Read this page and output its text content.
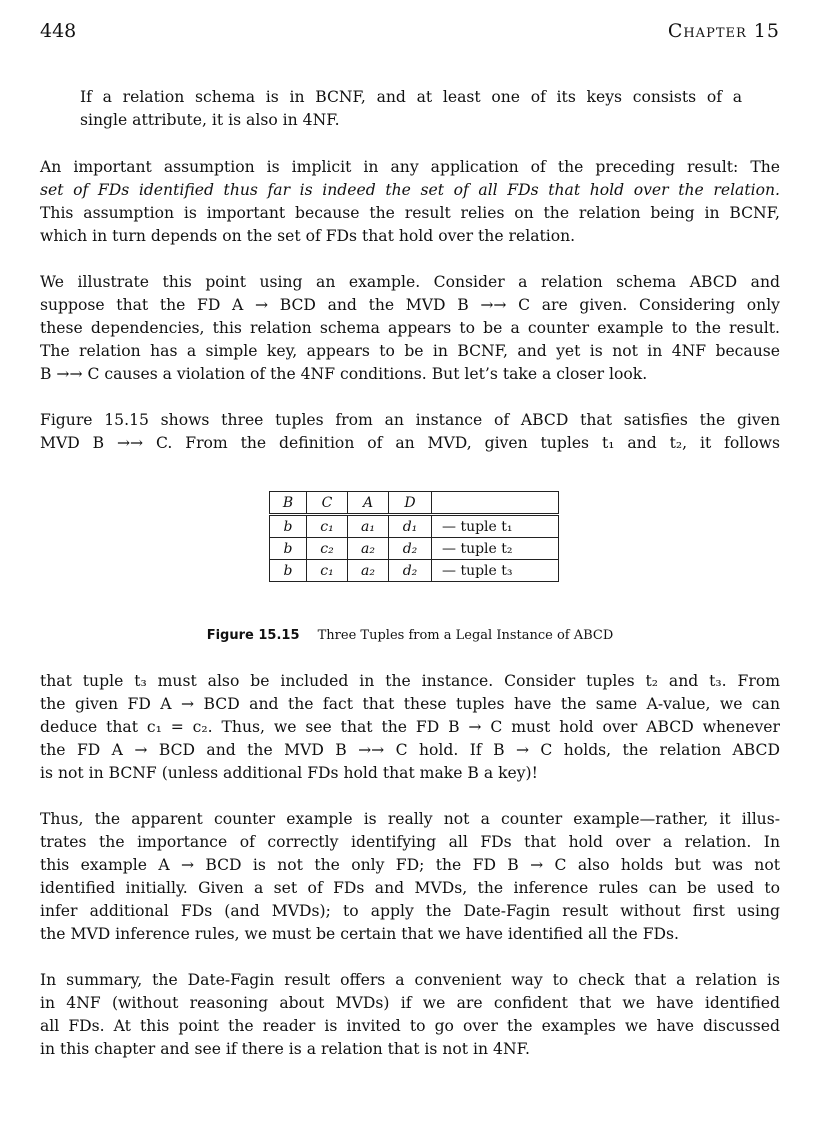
448	Chapter 15
If a relation schema is in BCNF, and at least one of its keys consists of a
single attribute, it is also in 4NF.
An important assumption is implicit in any application of the preceding result: The
set of FDs identified thus far is indeed the set of all FDs that hold over the relation.
This assumption is important because the result relies on the relation being in BCNF,
which in turn depends on the set of FDs that hold over the relation.
We illustrate this point using an example. Consider a relation schema ABCD and
suppose that the FD A → BCD and the MVD B →→ C are given. Considering only
these dependencies, this relation schema appears to be a counter example to the result.
The relation has a simple key, appears to be in BCNF, and yet is not in 4NF because
B →→ C causes a violation of the 4NF conditions. But let’s take a closer look.
Figure 15.15 shows three tuples from an instance of ABCD that satisfies the given
MVD B →→ C. From the definition of an MVD, given tuples t₁ and t₂, it follows
B	C	A	D	
b	c₁	a₁	d₁	— tuple t₁
b	c₂	a₂	d₂	— tuple t₂
b	c₁	a₂	d₂	— tuple t₃
Figure 15.15 Three Tuples from a Legal Instance of ABCD
that tuple t₃ must also be included in the instance. Consider tuples t₂ and t₃. From
the given FD A → BCD and the fact that these tuples have the same A-value, we can
deduce that c₁ = c₂. Thus, we see that the FD B → C must hold over ABCD whenever
the FD A → BCD and the MVD B →→ C hold. If B → C holds, the relation ABCD
is not in BCNF (unless additional FDs hold that make B a key)!
Thus, the apparent counter example is really not a counter example—rather, it illus-
trates the importance of correctly identifying all FDs that hold over a relation. In
this example A → BCD is not the only FD; the FD B → C also holds but was not
identified initially. Given a set of FDs and MVDs, the inference rules can be used to
infer additional FDs (and MVDs); to apply the Date-Fagin result without first using
the MVD inference rules, we must be certain that we have identified all the FDs.
In summary, the Date-Fagin result offers a convenient way to check that a relation is
in 4NF (without reasoning about MVDs) if we are confident that we have identified
all FDs. At this point the reader is invited to go over the examples we have discussed
in this chapter and see if there is a relation that is not in 4NF.
